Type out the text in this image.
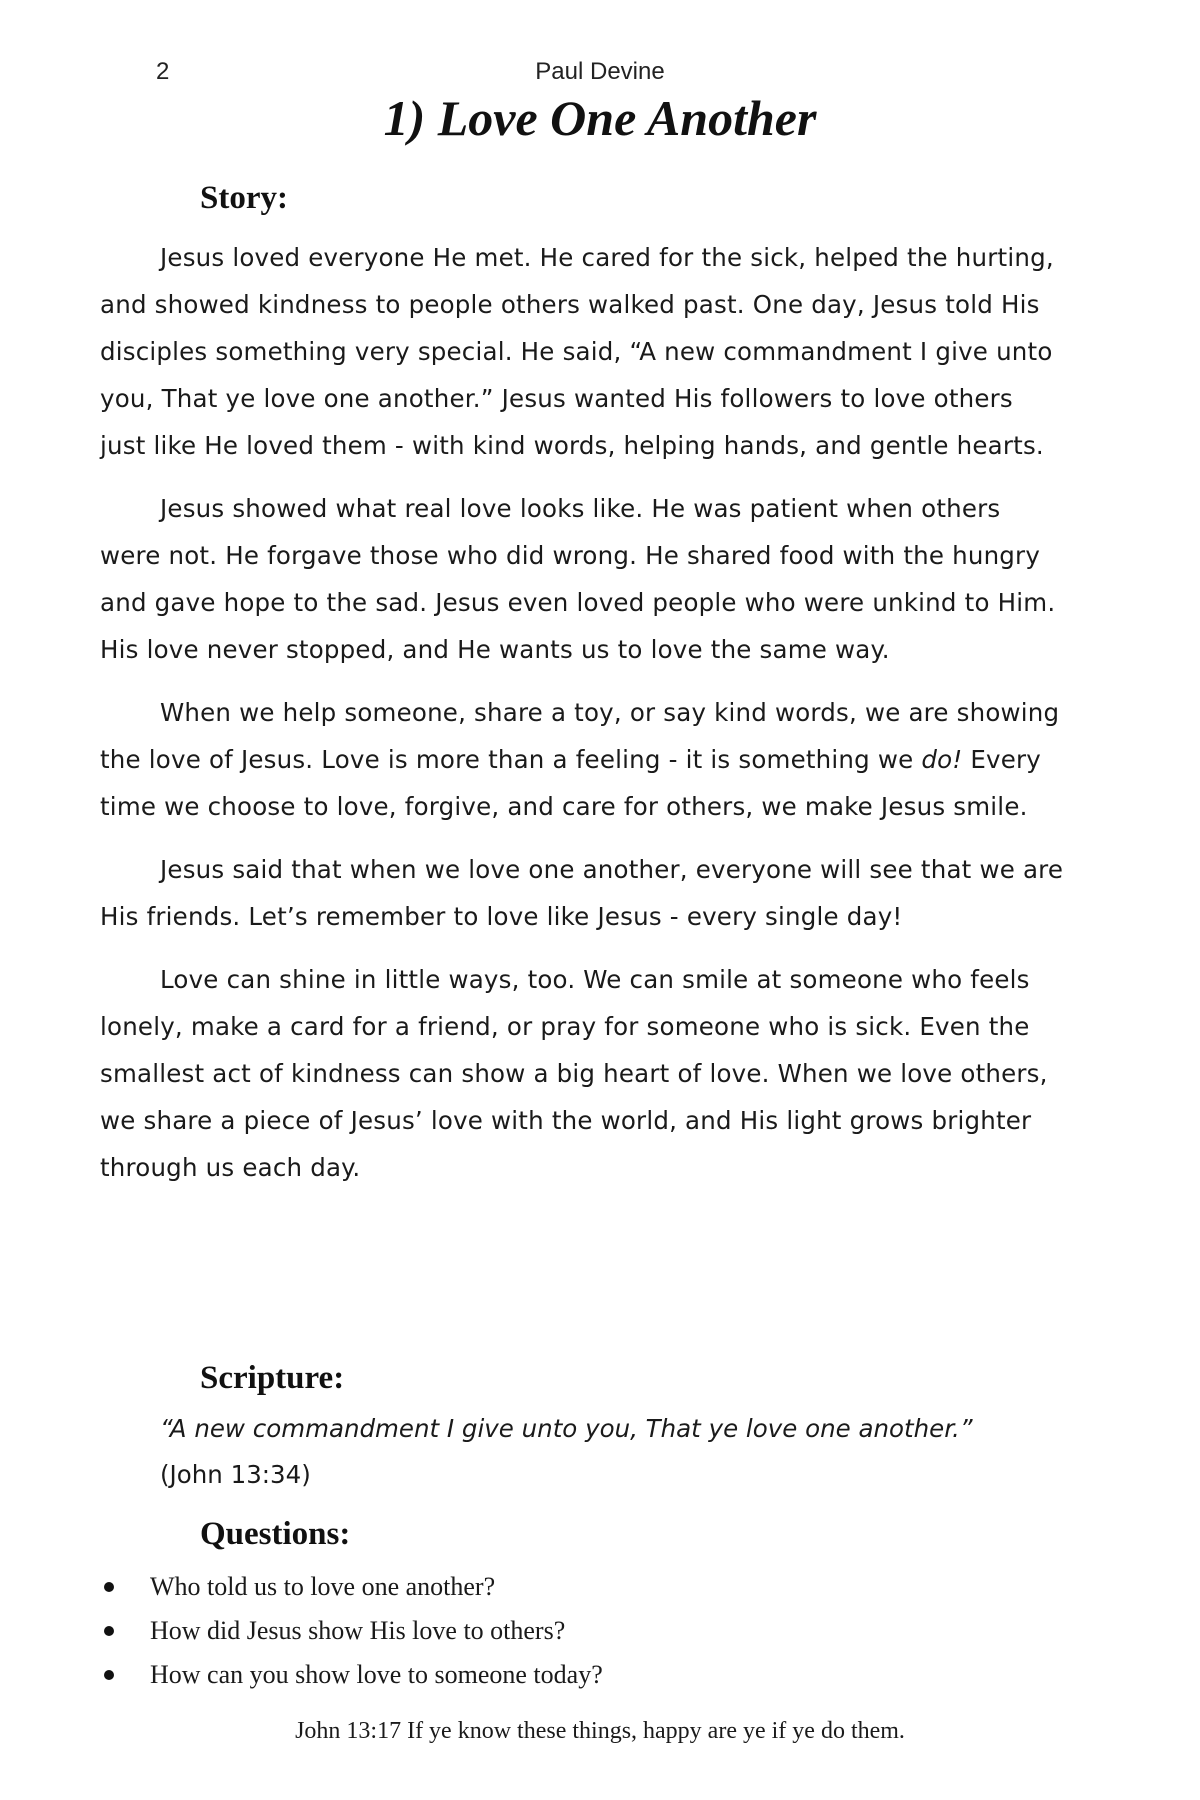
2	Paul Devine
1) Love One Another
Story:

Jesus loved everyone He met. He cared for the sick, helped the hurting, and showed kindness to people others walked past. One day, Jesus told His disciples something very special. He said, “A new commandment I give unto you, That ye love one another.” Jesus wanted His followers to love others just like He loved them - with kind words, helping hands, and gentle hearts.

Jesus showed what real love looks like. He was patient when others were not. He forgave those who did wrong. He shared food with the hungry and gave hope to the sad. Jesus even loved people who were unkind to Him. His love never stopped, and He wants us to love the same way.

When we help someone, share a toy, or say kind words, we are showing the love of Jesus. Love is more than a feeling - it is something we do! Every time we choose to love, forgive, and care for others, we make Jesus smile.

Jesus said that when we love one another, everyone will see that we are His friends. Let’s remember to love like Jesus - every single day!

Love can shine in little ways, too. We can smile at someone who feels lonely, make a card for a friend, or pray for someone who is sick. Even the smallest act of kindness can show a big heart of love. When we love others, we share a piece of Jesus’ love with the world, and His light grows brighter through us each day.

Scripture:
“A new commandment I give unto you, That ye love one another.”
(John 13:34)
Questions:
Who told us to love one another?
How did Jesus show His love to others?
How can you show love to someone today?
John 13:17 If ye know these things, happy are ye if ye do them.
